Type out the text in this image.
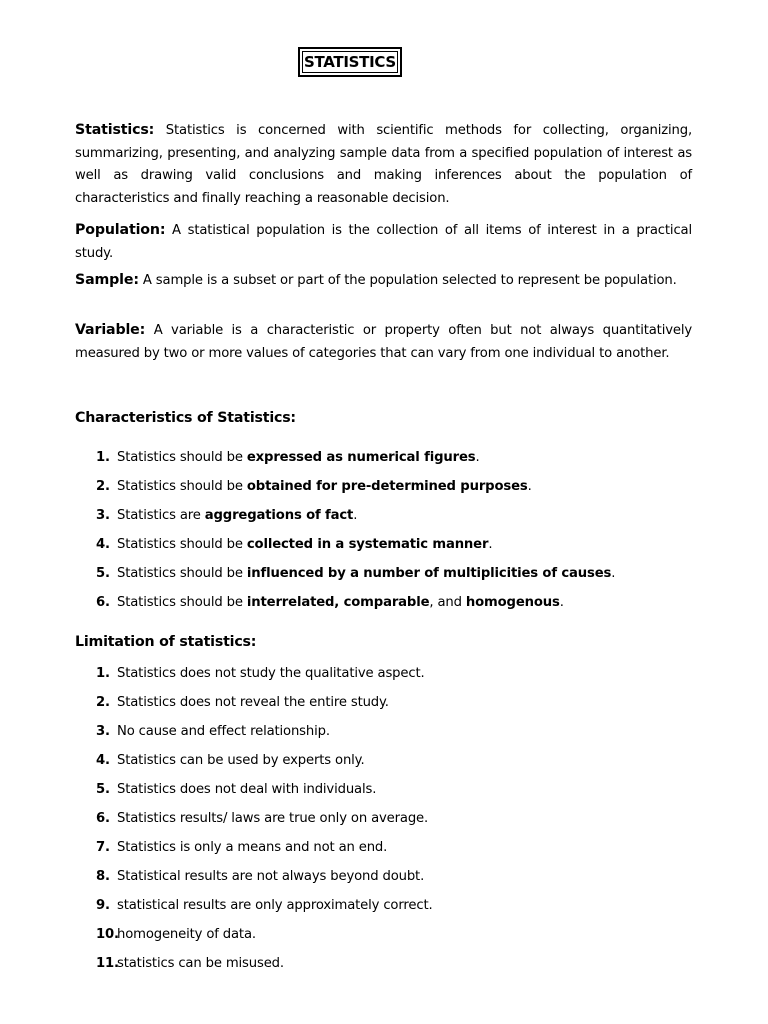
STATISTICS
Statistics: Statistics is concerned with scientific methods for collecting, organizing, summarizing, presenting, and analyzing sample data from a specified population of interest as well as drawing valid conclusions and making inferences about the population of characteristics and finally reaching a reasonable decision.
Population: A statistical population is the collection of all items of interest in a practical study.
Sample: A sample is a subset or part of the population selected to represent be population.
Variable: A variable is a characteristic or property often but not always quantitatively measured by two or more values of categories that can vary from one individual to another.
Characteristics of Statistics:
1. Statistics should be expressed as numerical figures.
2. Statistics should be obtained for pre-determined purposes.
3. Statistics are aggregations of fact.
4. Statistics should be collected in a systematic manner.
5. Statistics should be influenced by a number of multiplicities of causes.
6. Statistics should be interrelated, comparable, and homogenous.
Limitation of statistics:
1. Statistics does not study the qualitative aspect.
2. Statistics does not reveal the entire study.
3. No cause and effect relationship.
4. Statistics can be used by experts only.
5. Statistics does not deal with individuals.
6. Statistics results/ laws are true only on average.
7. Statistics is only a means and not an end.
8. Statistical results are not always beyond doubt.
9. statistical results are only approximately correct.
10.
homogeneity of data.
11.
statistics can be misused.
